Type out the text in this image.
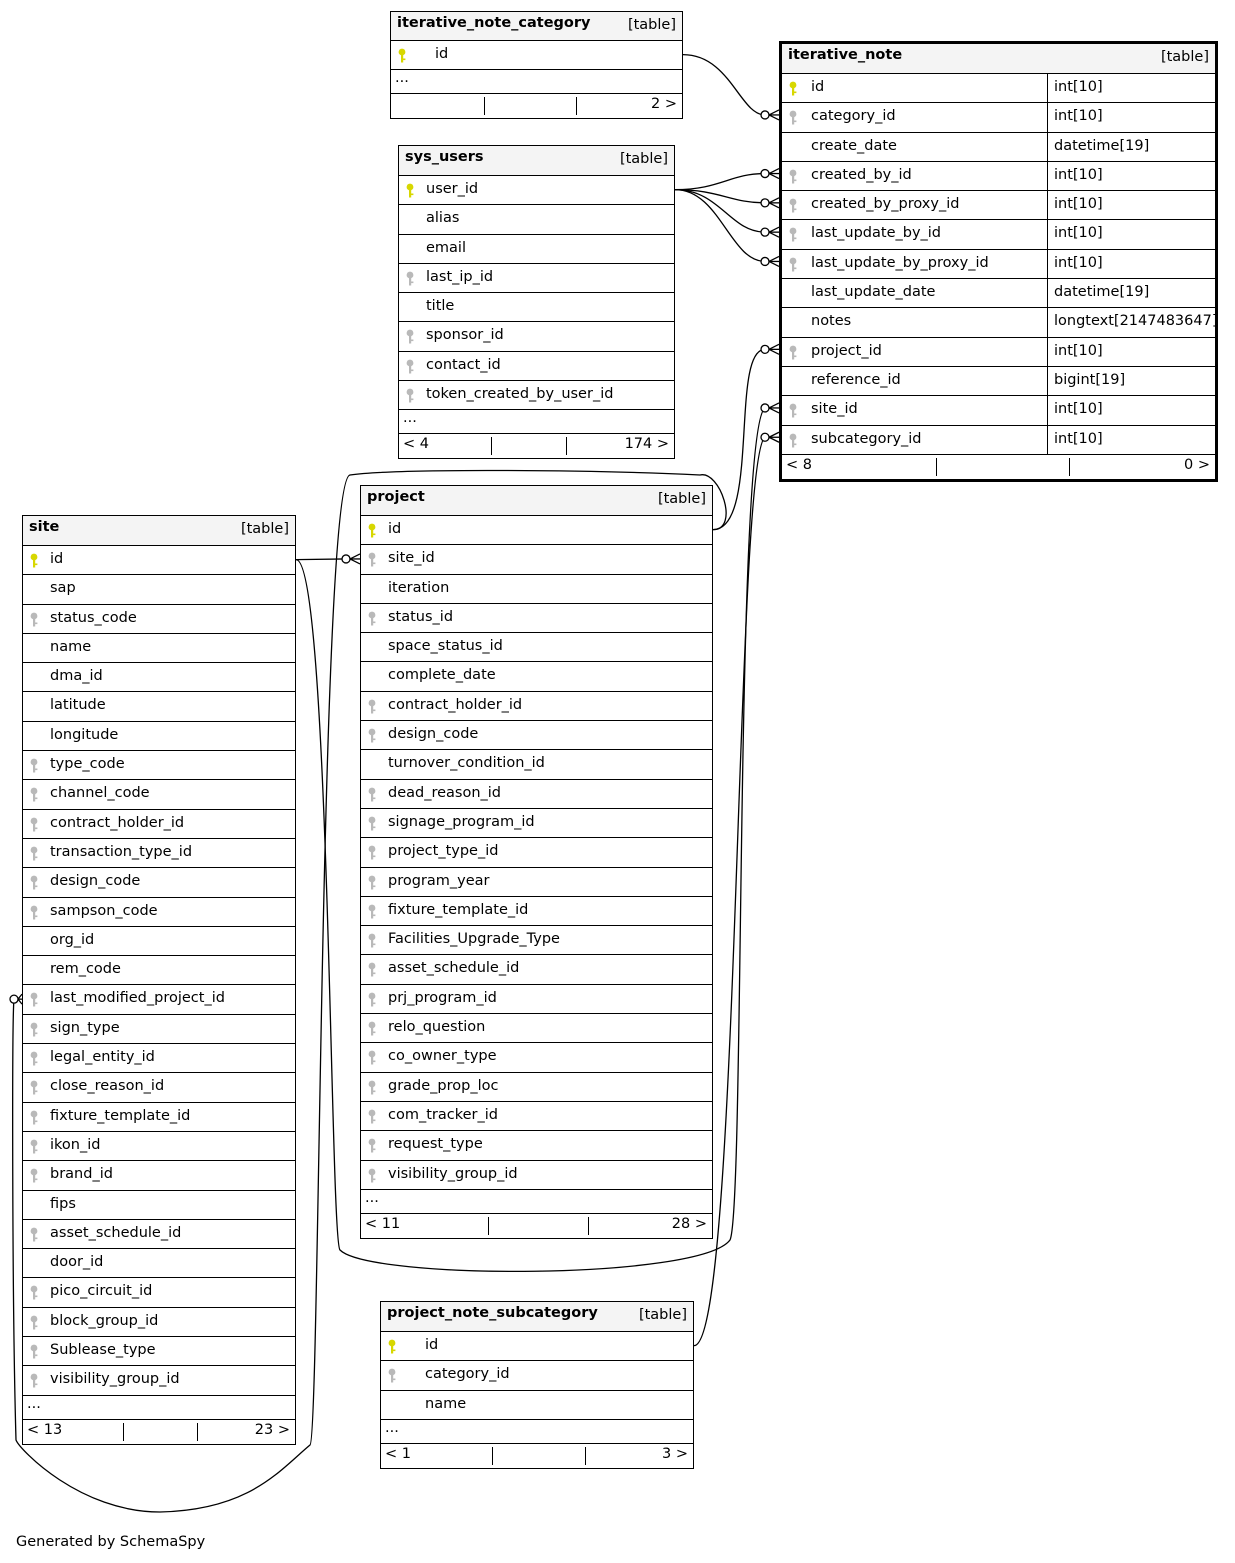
iterative_note_category	[table]
id
...
2 >
sys_users	[table]
user_id
alias
email
last_ip_id
title
sponsor_id
contact_id
token_created_by_user_id
...
< 4	174 >
iterative_note	[table]
id	int[10]
category_id	int[10]
create_date	datetime[19]
created_by_id	int[10]
created_by_proxy_id	int[10]
last_update_by_id	int[10]
last_update_by_proxy_id	int[10]
last_update_date	datetime[19]
notes	longtext[2147483647]
project_id	int[10]
reference_id	bigint[19]
site_id	int[10]
subcategory_id	int[10]
< 8	0 >
project	[table]
id
site_id
iteration
status_id
space_status_id
complete_date
contract_holder_id
design_code
turnover_condition_id
dead_reason_id
signage_program_id
project_type_id
program_year
fixture_template_id
Facilities_Upgrade_Type
asset_schedule_id
prj_program_id
relo_question
co_owner_type
grade_prop_loc
com_tracker_id
request_type
visibility_group_id
...
< 11	28 >
site	[table]
id
sap
status_code
name
dma_id
latitude
longitude
type_code
channel_code
contract_holder_id
transaction_type_id
design_code
sampson_code
org_id
rem_code
last_modified_project_id
sign_type
legal_entity_id
close_reason_id
fixture_template_id
ikon_id
brand_id
fips
asset_schedule_id
door_id
pico_circuit_id
block_group_id
Sublease_type
visibility_group_id
...
< 13	23 >
project_note_subcategory	[table]
id
category_id
name
...
< 1	3 >
Generated by SchemaSpy
